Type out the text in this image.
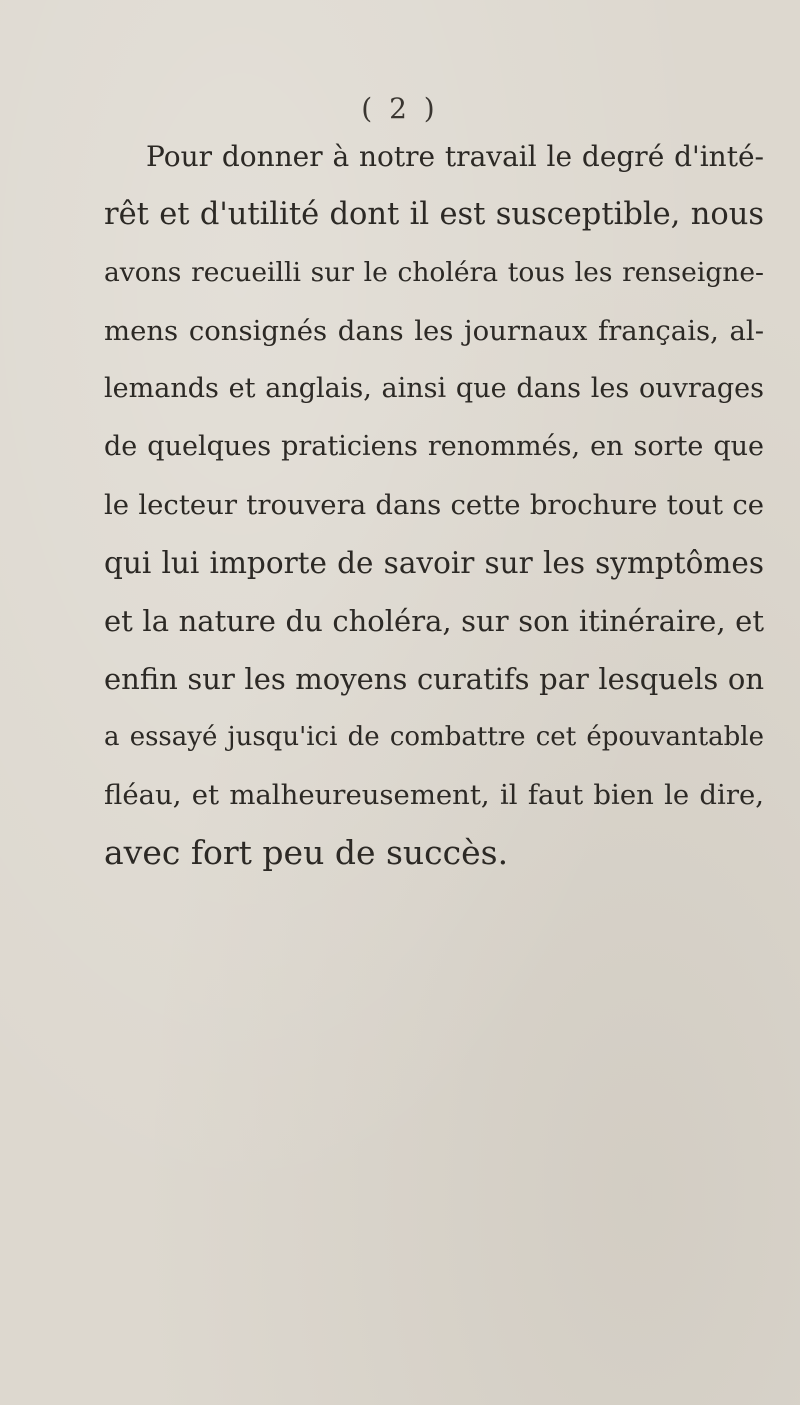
( 2 )
Pour donner à notre travail le degré d'inté-
rêt et d'utilité dont il est susceptible, nous
avons recueilli sur le choléra tous les renseigne-
mens consignés dans les journaux français, al-
lemands et anglais, ainsi que dans les ouvrages
de quelques praticiens renommés, en sorte que
le lecteur trouvera dans cette brochure tout ce
qui lui importe de savoir sur les symptômes
et la nature du choléra, sur son itinéraire, et
enfin sur les moyens curatifs par lesquels on
a essayé jusqu'ici de combattre cet épouvantable
fléau, et malheureusement, il faut bien le dire,
avec fort peu de succès.
